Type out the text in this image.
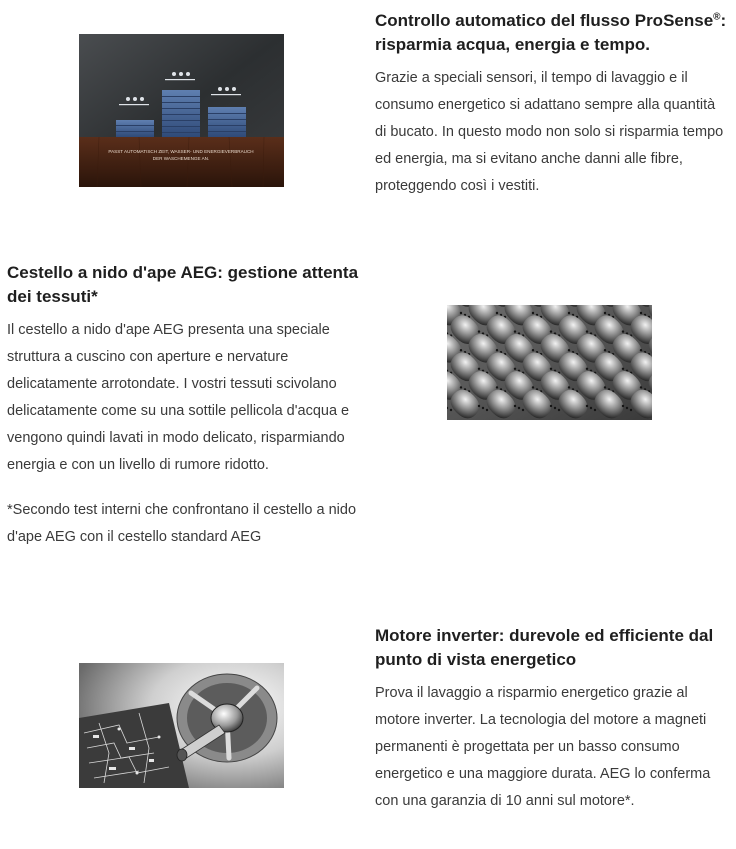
PASST AUTOMATISCH ZEIT, WASSER- UND ENERGIEVERBRAUCH
DER WASCHEMENGE AN.
Controllo automatico del flusso ProSense®: risparmia acqua, energia e tempo.

Grazie a speciali sensori, il tempo di lavaggio e il consumo energetico si adattano sempre alla quantità di bucato. In questo modo non solo si risparmia tempo ed energia, ma si evitano anche danni alle fibre, proteggendo così i vestiti.

Cestello a nido d'ape AEG: gestione attenta dei tessuti*

Il cestello a nido d'ape AEG presenta una speciale struttura a cuscino con aperture e nervature delicatamente arrotondate. I vostri tessuti scivolano delicatamente come su una sottile pellicola d'acqua e vengono quindi lavati in modo delicato, risparmiando energia e con un livello di rumore ridotto.

*Secondo test interni che confrontano il cestello a nido d'ape AEG con il cestello standard AEG

Motore inverter: durevole ed efficiente dal punto di vista energetico

Prova il lavaggio a risparmio energetico grazie al motore inverter. La tecnologia del motore a magneti permanenti è progettata per un basso consumo energetico e una maggiore durata. AEG lo conferma con una garanzia di 10 anni sul motore*.
